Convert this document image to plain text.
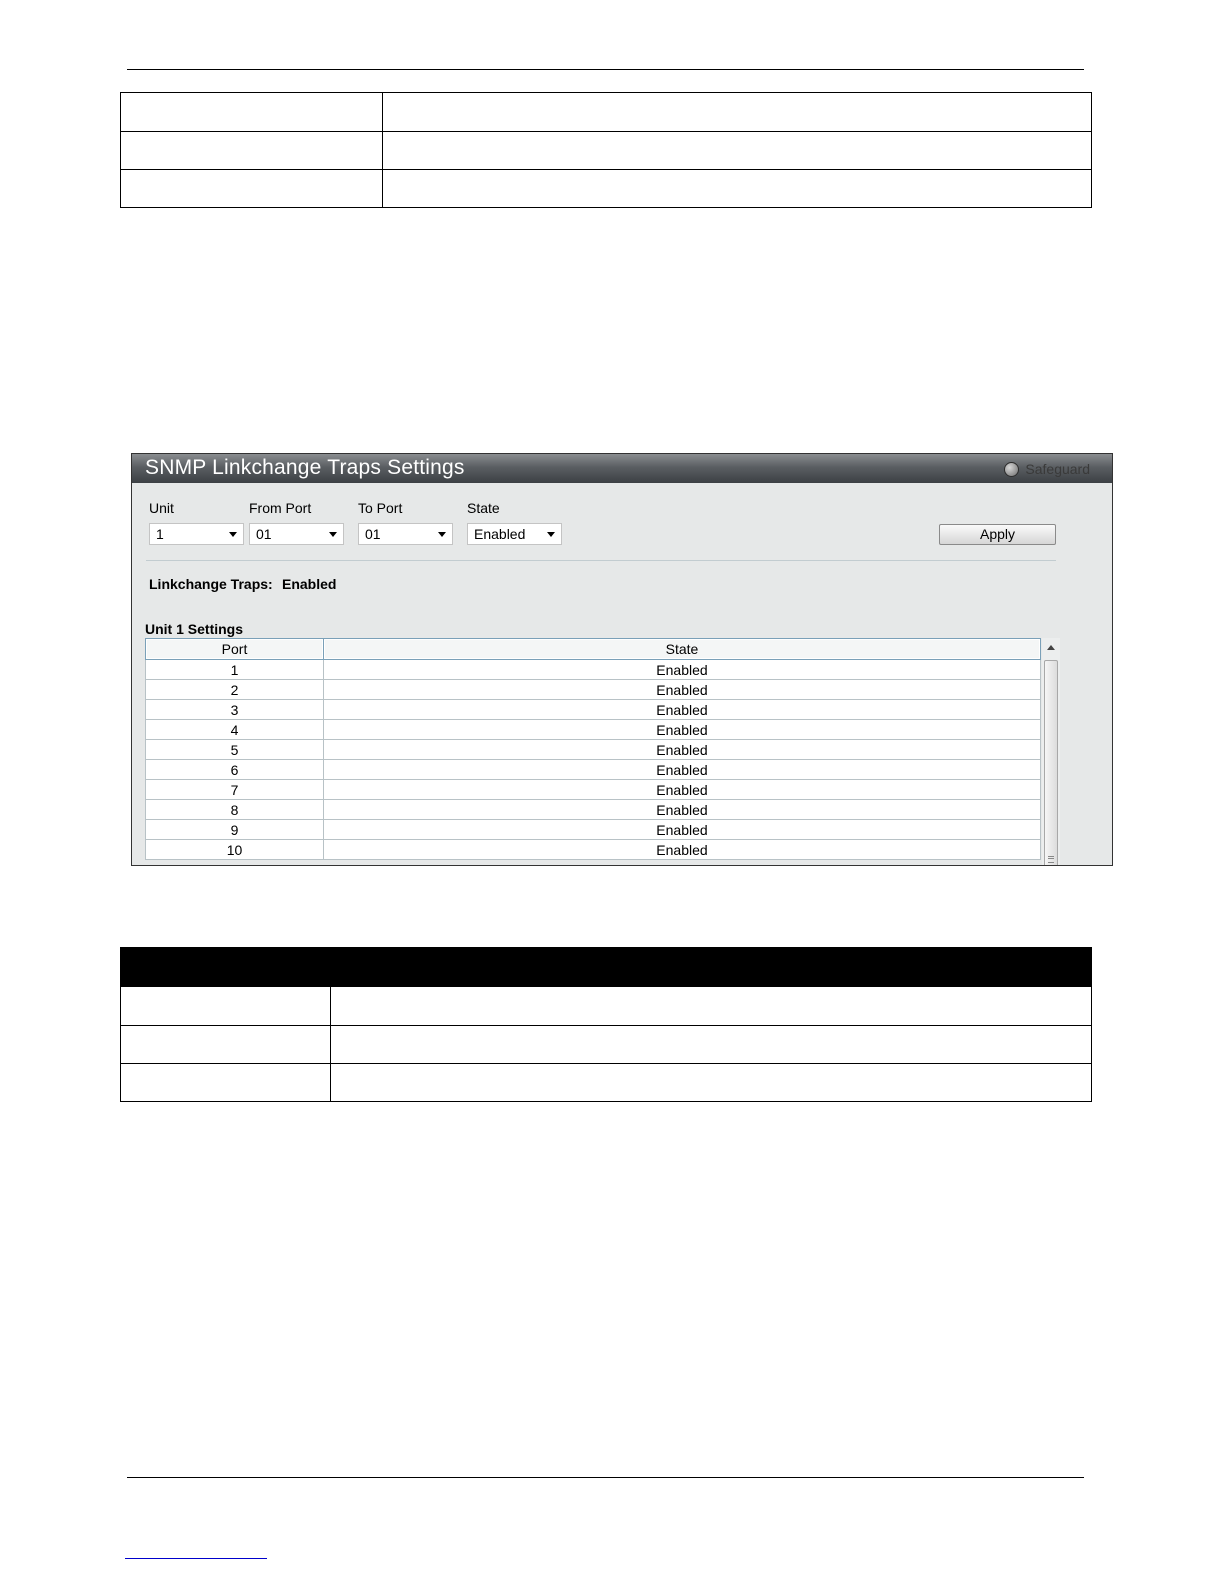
SNMP Linkchange Traps Settings	Safeguard
Unit	From Port	To Port	State
1	01	01	Enabled	Apply
Linkchange Traps: Enabled
Unit 1 Settings
Port	State
1	Enabled
2	Enabled
3	Enabled
4	Enabled
5	Enabled
6	Enabled
7	Enabled
8	Enabled
9	Enabled
10	Enabled
